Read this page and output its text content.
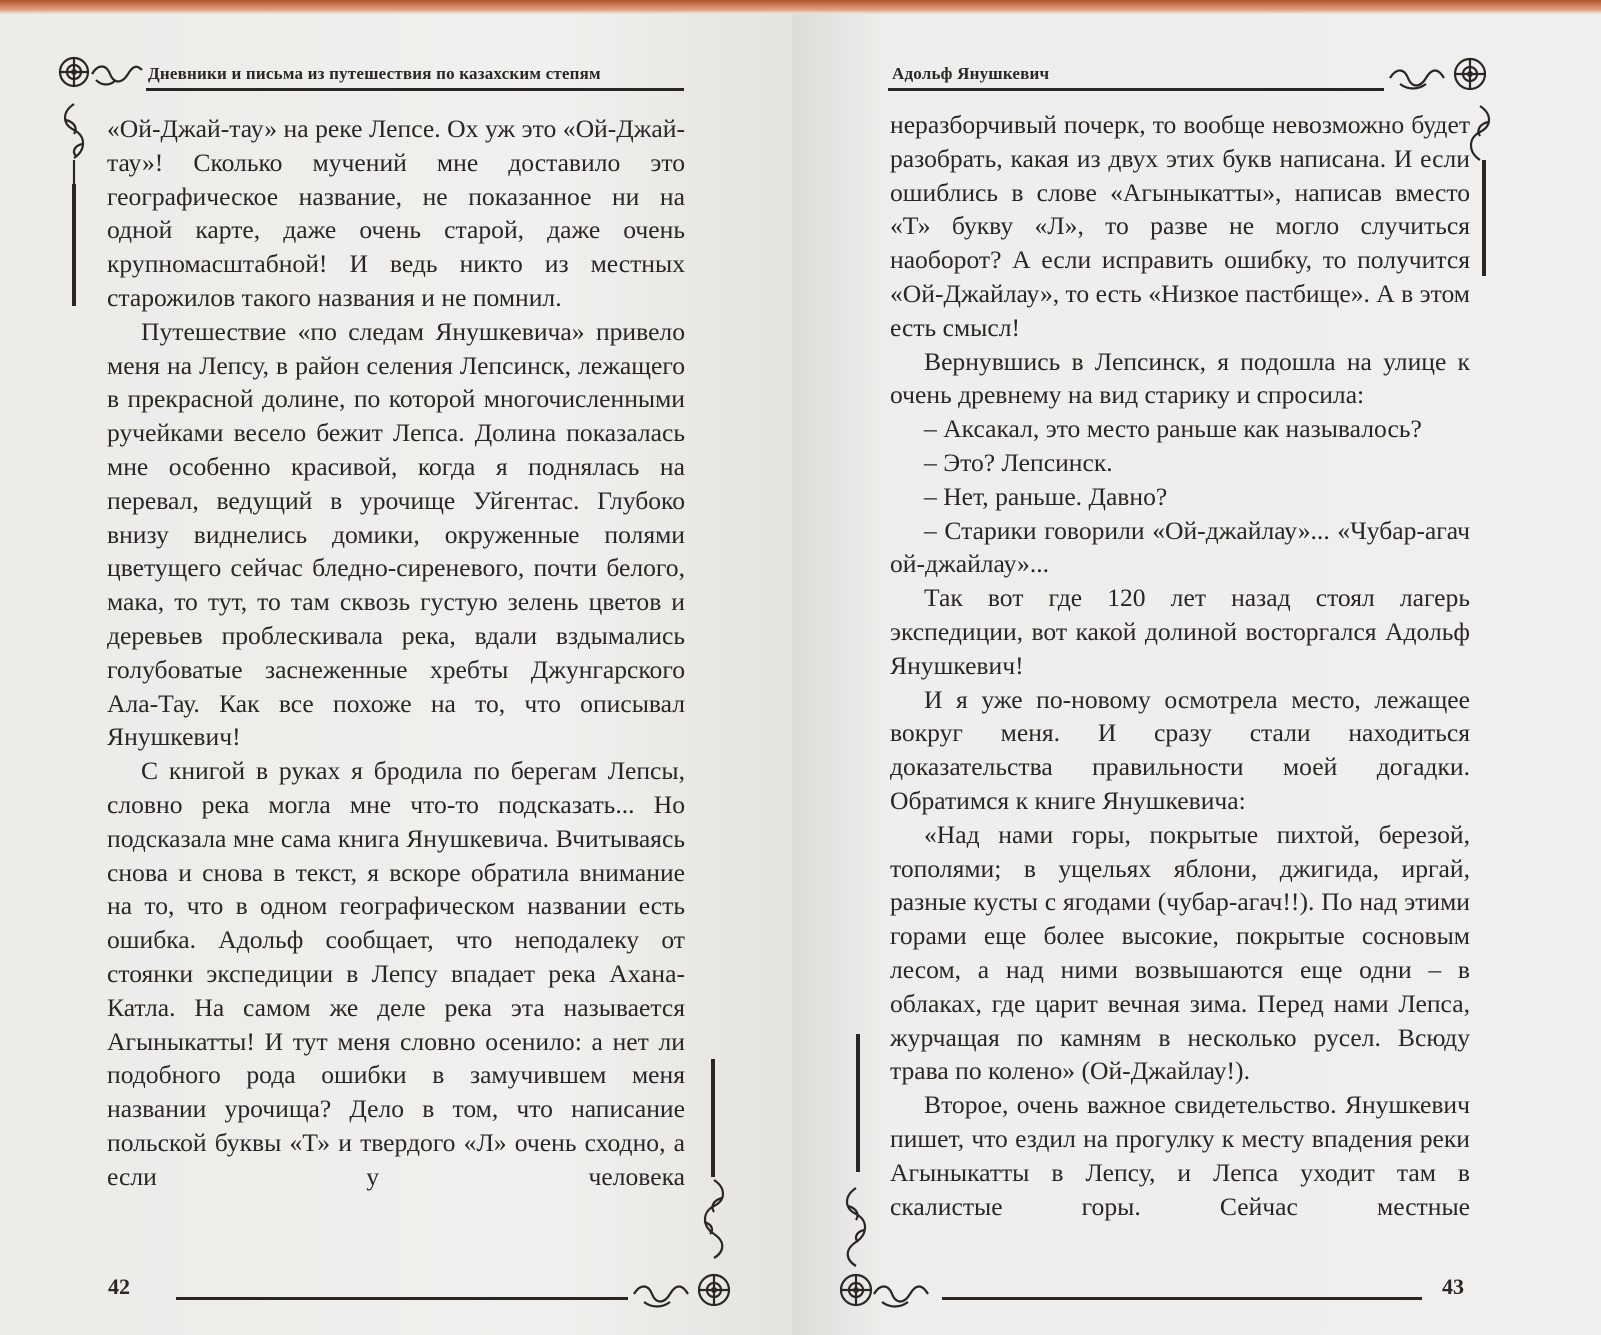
Дневники и письма из путешествия по казахским степям

«Ой-Джай-тау» на реке Лепсе. Ох уж это «Ой-Джай-тау»! Сколько мучений мне доставило это географическое название, не показанное ни на одной карте, даже очень старой, даже очень крупномасштабной! И ведь никто из местных старожилов такого названия и не помнил.

Путешествие «по следам Янушкевича» привело меня на Лепсу, в район селения Лепсинск, лежащего в прекрасной долине, по которой многочисленными ручейками весело бежит Лепса. Долина показалась мне особенно красивой, когда я поднялась на перевал, ведущий в урочище Уйгентас. Глубоко внизу виднелись домики, окруженные полями цветущего сейчас бледно-сиреневого, почти белого, мака, то тут, то там сквозь густую зелень цветов и деревьев проблескивала река, вдали вздымались голубоватые заснеженные хребты Джунгарского Ала-Тау. Как все похоже на то, что описывал Янушкевич!

С книгой в руках я бродила по берегам Лепсы, словно река могла мне что-то подсказать... Но подсказала мне сама книга Янушкевича. Вчитываясь снова и снова в текст, я вскоре обратила внимание на то, что в одном географическом названии есть ошибка. Адольф сообщает, что неподалеку от стоянки экспедиции в Лепсу впадает река Ахана-Катла. На самом же деле река эта называется Агыныкатты! И тут меня словно осенило: а нет ли подобного рода ошибки в замучившем меня названии урочища? Дело в том, что написание польской буквы «Т» и твердого «Л» очень сходно, а если у человека

42
Адольф Янушкевич

неразборчивый почерк, то вообще невозможно будет разобрать, какая из двух этих букв написана. И если ошиблись в слове «Агыныкатты», написав вместо «Т» букву «Л», то разве не могло случиться наоборот? А если исправить ошибку, то получится «Ой-Джайлау», то есть «Низкое пастбище». А в этом есть смысл!

Вернувшись в Лепсинск, я подошла на улице к очень древнему на вид старику и спросила:

– Аксакал, это место раньше как называлось?

– Это? Лепсинск.

– Нет, раньше. Давно?

– Старики говорили «Ой-джайлау»... «Чубар-агач ой-джайлау»...

Так вот где 120 лет назад стоял лагерь экспедиции, вот какой долиной восторгался Адольф Янушкевич!

И я уже по-новому осмотрела место, лежащее вокруг меня. И сразу стали находиться доказательства правильности моей догадки. Обратимся к книге Янушкевича:

«Над нами горы, покрытые пихтой, березой, тополями; в ущельях яблони, джигида, иргай, разные кусты с ягодами (чубар-агач!!). По над этими горами еще более высокие, покрытые сосновым лесом, а над ними возвышаются еще одни – в облаках, где царит вечная зима. Перед нами Лепса, журчащая по камням в несколько русел. Всюду трава по колено» (Ой-Джайлау!).

Второе, очень важное свидетельство. Янушкевич пишет, что ездил на прогулку к месту впадения реки Агыныкатты в Лепсу, и Лепса уходит там в скалистые горы. Сейчас местные

43
